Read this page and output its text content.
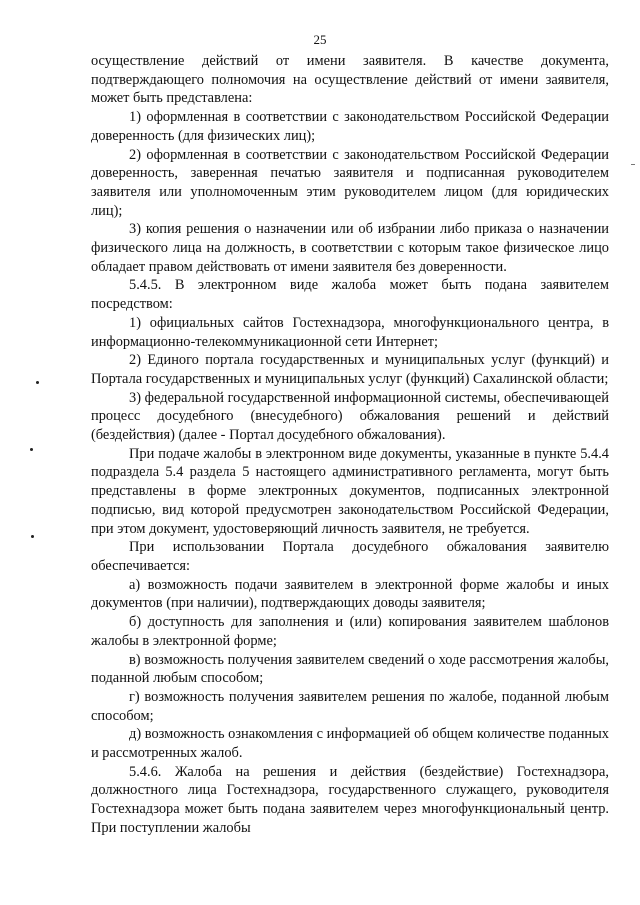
25

осуществление действий от имени заявителя. В качестве документа, подтверждающего полномочия на осуществление действий от имени заявителя, может быть представлена:

1) оформленная в соответствии с законодательством Российской Федерации доверенность (для физических лиц);

2) оформленная в соответствии с законодательством Российской Федерации доверенность, заверенная печатью заявителя и подписанная руководителем заявителя или уполномоченным этим руководителем лицом (для юридических лиц);

3) копия решения о назначении или об избрании либо приказа о назначении физического лица на должность, в соответствии с которым такое физическое лицо обладает правом действовать от имени заявителя без доверенности.

5.4.5. В электронном виде жалоба может быть подана заявителем посредством:

1) официальных сайтов Гостехнадзора, многофункционального центра, в информационно-телекоммуникационной сети Интернет;

2) Единого портала государственных и муниципальных услуг (функций) и Портала государственных и муниципальных услуг (функций) Сахалинской области;

3) федеральной государственной информационной системы, обеспечивающей процесс досудебного (внесудебного) обжалования решений и действий (бездействия) (далее - Портал досудебного обжалования).

При подаче жалобы в электронном виде документы, указанные в пункте 5.4.4 подраздела 5.4 раздела 5 настоящего административного регламента, могут быть представлены в форме электронных документов, подписанных электронной подписью, вид которой предусмотрен законодательством Российской Федерации, при этом документ, удостоверяющий личность заявителя, не требуется.

При использовании Портала досудебного обжалования заявителю обеспечивается:

а) возможность подачи заявителем в электронной форме жалобы и иных документов (при наличии), подтверждающих доводы заявителя;

б) доступность для заполнения и (или) копирования заявителем шаблонов жалобы в электронной форме;

в) возможность получения заявителем сведений о ходе рассмотрения жалобы, поданной любым способом;

г) возможность получения заявителем решения по жалобе, поданной любым способом;

д) возможность ознакомления с информацией об общем количестве поданных и рассмотренных жалоб.

5.4.6. Жалоба на решения и действия (бездействие) Гостехнадзора, должностного лица Гостехнадзора, государственного служащего, руководителя Гостехнадзора может быть подана заявителем через многофункциональный центр. При поступлении жалобы
